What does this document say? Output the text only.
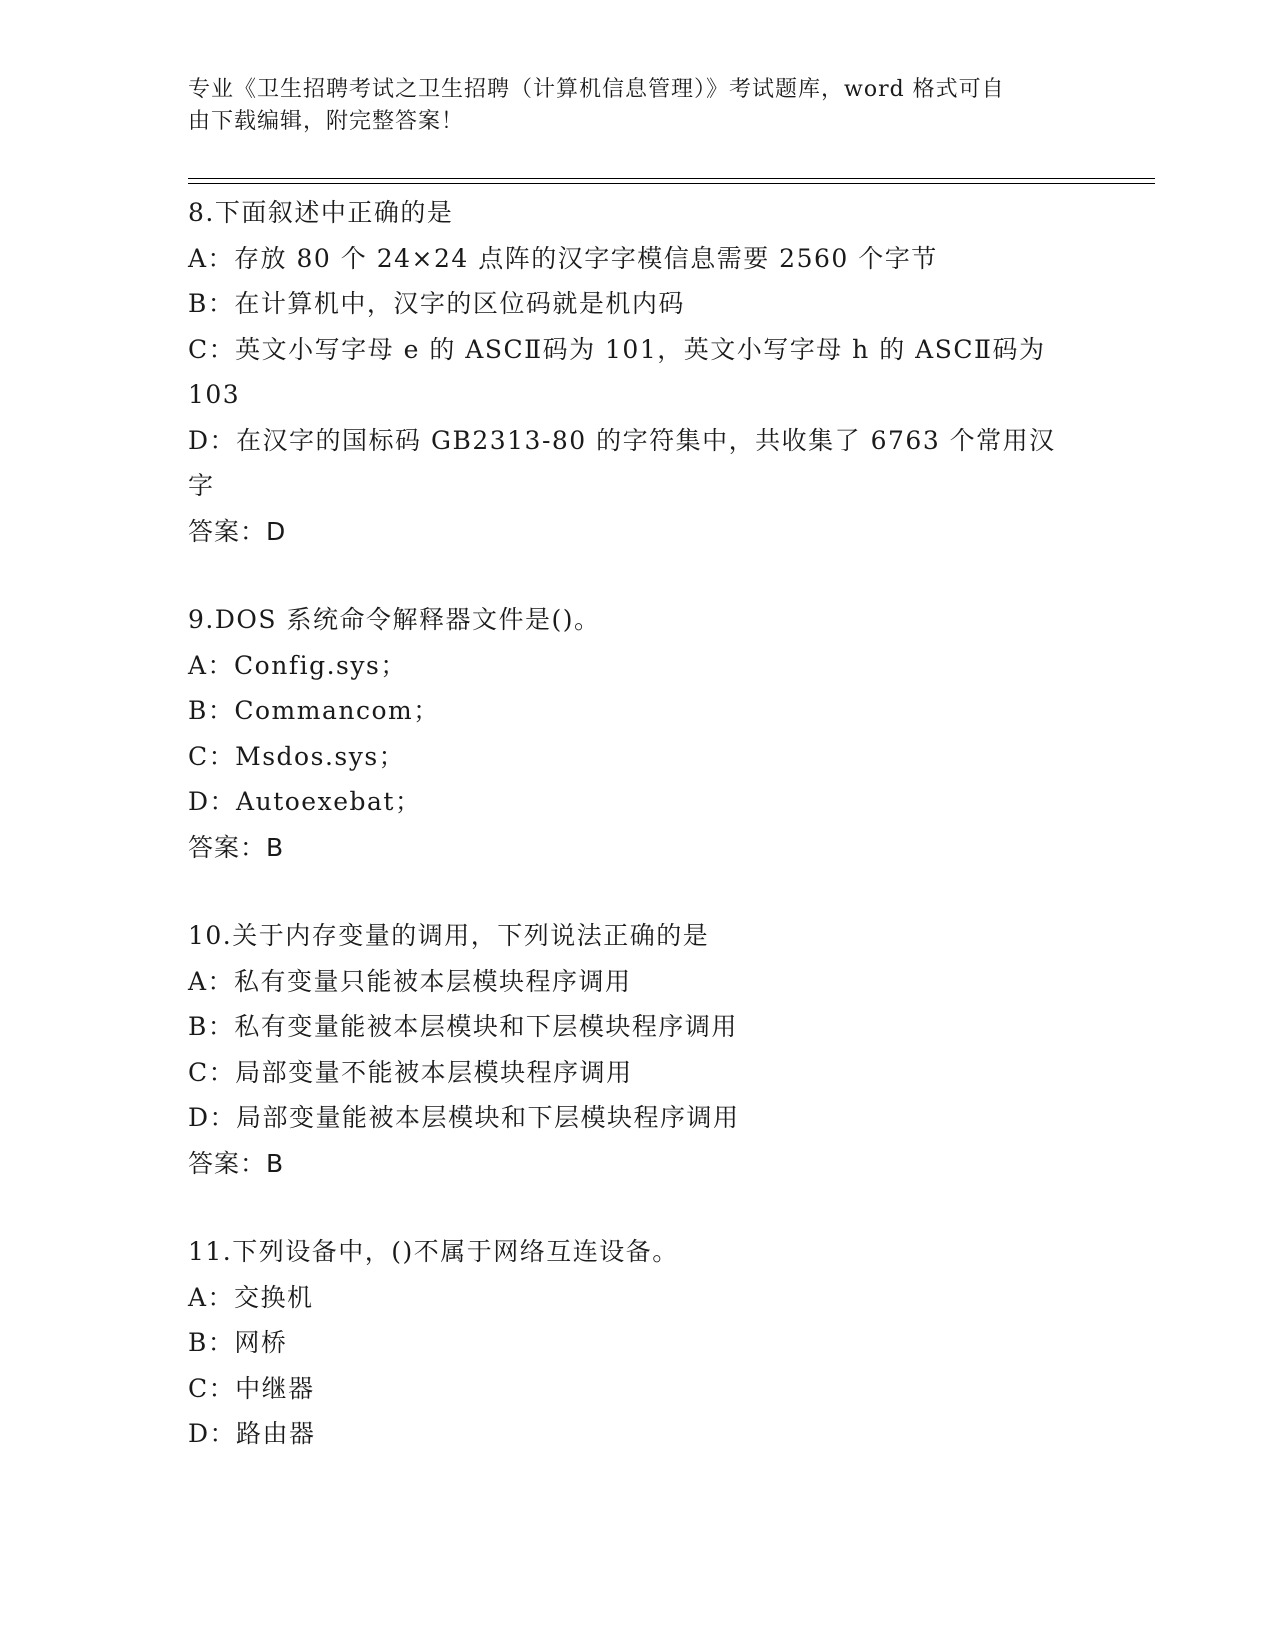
专业《卫生招聘考试之卫生招聘（计算机信息管理）》考试题库，word 格式可自
由下载编辑，附完整答案！
8.下面叙述中正确的是
A：存放 80 个 24×24 点阵的汉字字模信息需要 2560 个字节
B：在计算机中，汉字的区位码就是机内码
C：英文小写字母 e 的 ASCⅡ码为 101，英文小写字母 h 的 ASCⅡ码为
103
D：在汉字的国标码 GB2313-80 的字符集中，共收集了 6763 个常用汉
字
答案：D
9.DOS 系统命令解释器文件是()。
A：Config.sys；
B：Commancom；
C：Msdos.sys；
D：Autoexebat；
答案：B
10.关于内存变量的调用，下列说法正确的是
A：私有变量只能被本层模块程序调用
B：私有变量能被本层模块和下层模块程序调用
C：局部变量不能被本层模块程序调用
D：局部变量能被本层模块和下层模块程序调用
答案：B
11.下列设备中，()不属于网络互连设备。
A：交换机
B：网桥
C：中继器
D：路由器
